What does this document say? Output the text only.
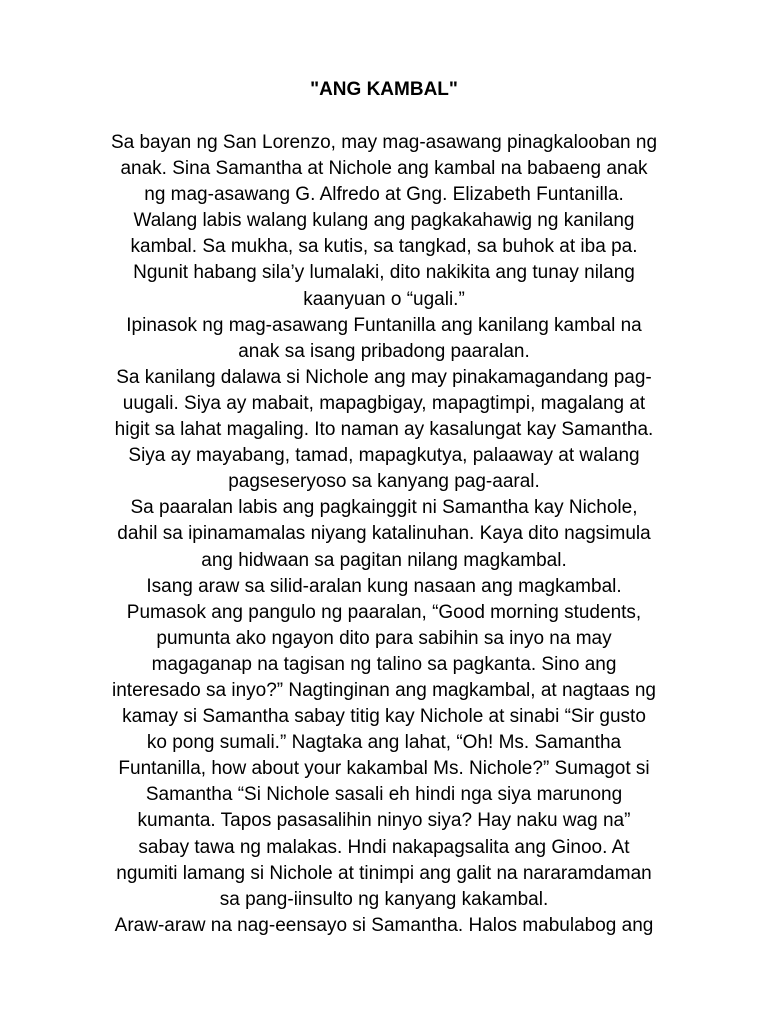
"ANG KAMBAL"
Sa bayan ng San Lorenzo, may mag-asawang pinagkalooban ng
anak. Sina Samantha at Nichole ang kambal na babaeng anak
ng mag-asawang G. Alfredo at Gng. Elizabeth Funtanilla.
Walang labis walang kulang ang pagkakahawig ng kanilang
kambal. Sa mukha, sa kutis, sa tangkad, sa buhok at iba pa.
Ngunit habang sila’y lumalaki, dito nakikita ang tunay nilang
kaanyuan o “ugali.”
Ipinasok ng mag-asawang Funtanilla ang kanilang kambal na
anak sa isang pribadong paaralan.
Sa kanilang dalawa si Nichole ang may pinakamagandang pag-
uugali. Siya ay mabait, mapagbigay, mapagtimpi, magalang at
higit sa lahat magaling. Ito naman ay kasalungat kay Samantha.
Siya ay mayabang, tamad, mapagkutya, palaaway at walang
pagseseryoso sa kanyang pag-aaral.
Sa paaralan labis ang pagkainggit ni Samantha kay Nichole,
dahil sa ipinamamalas niyang katalinuhan. Kaya dito nagsimula
ang hidwaan sa pagitan nilang magkambal.
Isang araw sa silid-aralan kung nasaan ang magkambal.
Pumasok ang pangulo ng paaralan, “Good morning students,
pumunta ako ngayon dito para sabihin sa inyo na may
magaganap na tagisan ng talino sa pagkanta. Sino ang
interesado sa inyo?” Nagtinginan ang magkambal, at nagtaas ng
kamay si Samantha sabay titig kay Nichole at sinabi “Sir gusto
ko pong sumali.” Nagtaka ang lahat, “Oh! Ms. Samantha
Funtanilla, how about your kakambal Ms. Nichole?” Sumagot si
Samantha “Si Nichole sasali eh hindi nga siya marunong
kumanta. Tapos pasasalihin ninyo siya? Hay naku wag na”
sabay tawa ng malakas. Hndi nakapagsalita ang Ginoo. At
ngumiti lamang si Nichole at tinimpi ang galit na nararamdaman
sa pang-iinsulto ng kanyang kakambal.
Araw-araw na nag-eensayo si Samantha. Halos mabulabog ang
